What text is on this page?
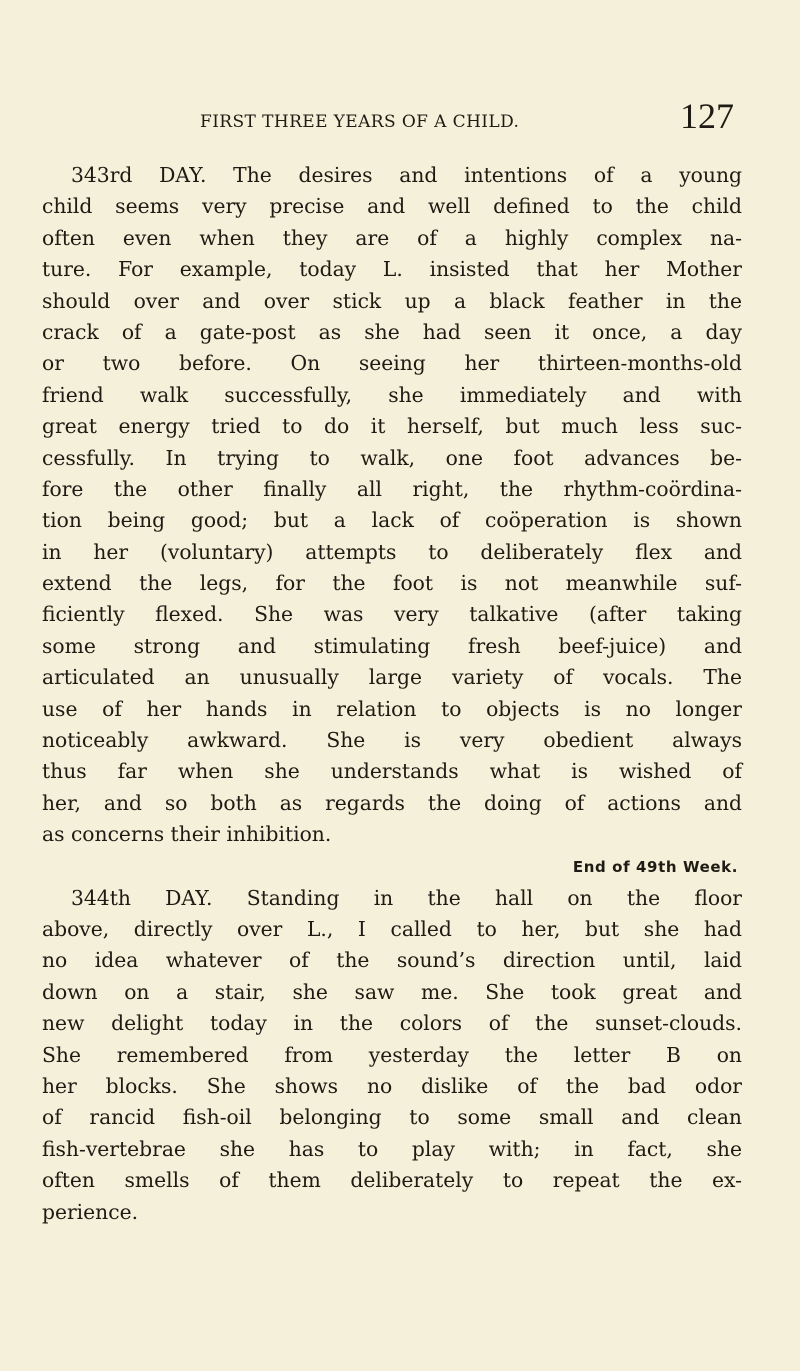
FIRST THREE YEARS OF A CHILD.	127
343rd DAY. The desires and intentions of a young
child seems very precise and well defined to the child
often even when they are of a highly complex na-
ture. For example, today L. insisted that her Mother
should over and over stick up a black feather in the
crack of a gate-post as she had seen it once, a day
or two before. On seeing her thirteen-months-old
friend walk successfully, she immediately and with
great energy tried to do it herself, but much less suc-
cessfully. In trying to walk, one foot advances be-
fore the other finally all right, the rhythm-coördina-
tion being good; but a lack of coöperation is shown
in her (voluntary) attempts to deliberately flex and
extend the legs, for the foot is not meanwhile suf-
ficiently flexed. She was very talkative (after taking
some strong and stimulating fresh beef-juice) and
articulated an unusually large variety of vocals. The
use of her hands in relation to objects is no longer
noticeably awkward. She is very obedient always
thus far when she understands what is wished of
her, and so both as regards the doing of actions and
as concerns their inhibition.
End of 49th Week.
344th DAY. Standing in the hall on the floor
above, directly over L., I called to her, but she had
no idea whatever of the sound’s direction until, laid
down on a stair, she saw me. She took great and
new delight today in the colors of the sunset-clouds.
She remembered from yesterday the letter B on
her blocks. She shows no dislike of the bad odor
of rancid fish-oil belonging to some small and clean
fish-vertebrae she has to play with; in fact, she
often smells of them deliberately to repeat the ex-
perience.
